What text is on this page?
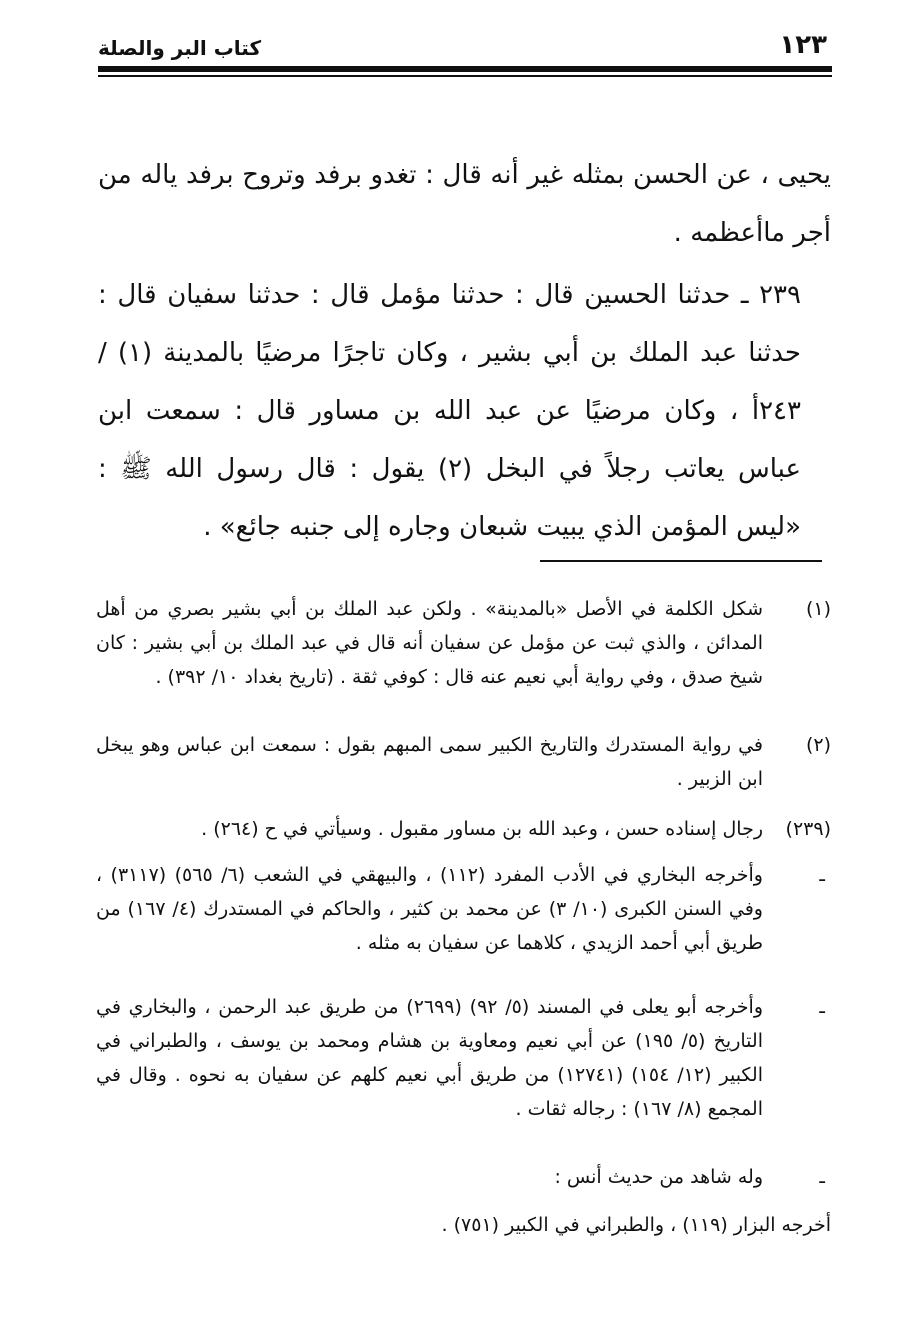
كتاب البر والصلة	١٢٣

يحيى ، عن الحسن بمثله غير أنه قال : تغدو برفد وتروح برفد ياله من أجر ماأعظمه .

٢٣٩ ـ حدثنا الحسين قال : حدثنا مؤمل قال : حدثنا سفيان قال : حدثنا عبد الملك بن أبي بشير ، وكان تاجرًا مرضيًا بالمدينة (١) / ٢٤٣أ ، وكان مرضيًا عن عبد الله بن مساور قال : سمعت ابن عباس يعاتب رجلاً في البخل (٢) يقول : قال رسول الله ﷺ : «ليس المؤمن الذي يبيت شبعان وجاره إلى جنبه جائع» .

(١)
شكل الكلمة في الأصل «بالمدينة» . ولكن عبد الملك بن أبي بشير بصري من أهل المدائن ، والذي ثبت عن مؤمل عن سفيان أنه قال في عبد الملك بن أبي بشير : كان شيخ صدق ، وفي رواية أبي نعيم عنه قال : كوفي ثقة . (تاريخ بغداد ١٠/ ٣٩٢) .

(٢)
في رواية المستدرك والتاريخ الكبير سمى المبهم بقول : سمعت ابن عباس وهو يبخل ابن الزبير .

(٢٣٩)
رجال إسناده حسن ، وعبد الله بن مساور مقبول . وسيأتي في ح (٢٦٤) .

ـ
وأخرجه البخاري في الأدب المفرد (١١٢) ، والبيهقي في الشعب (٦/ ٥٦٥) (٣١١٧) ، وفي السنن الكبرى (١٠/ ٣) عن محمد بن كثير ، والحاكم في المستدرك (٤/ ١٦٧) من طريق أبي أحمد الزيدي ، كلاهما عن سفيان به مثله .

ـ
وأخرجه أبو يعلى في المسند (٥/ ٩٢) (٢٦٩٩) من طريق عبد الرحمن ، والبخاري في التاريخ (٥/ ١٩٥) عن أبي نعيم ومعاوية بن هشام ومحمد بن يوسف ، والطبراني في الكبير (١٢/ ١٥٤) (١٢٧٤١) من طريق أبي نعيم كلهم عن سفيان به نحوه . وقال في المجمع (٨/ ١٦٧) : رجاله ثقات .

ـ
وله شاهد من حديث أنس :

أخرجه البزار (١١٩) ، والطبراني في الكبير (٧٥١) .
